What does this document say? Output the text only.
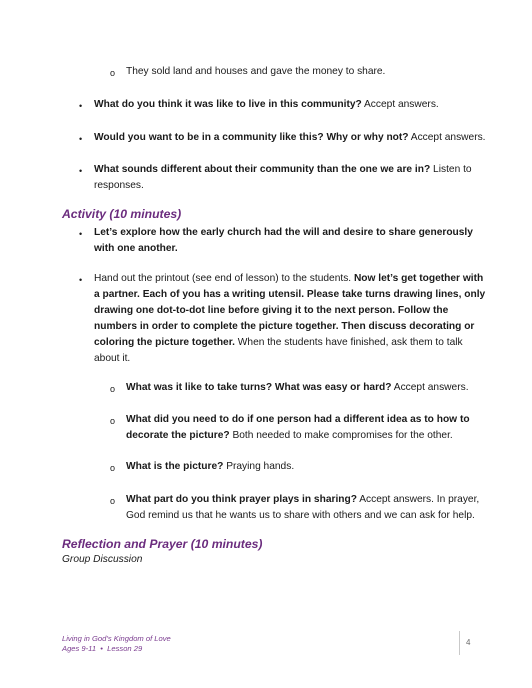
o They sold land and houses and gave the money to share.
• What do you think it was like to live in this community? Accept answers.
• Would you want to be in a community like this? Why or why not? Accept answers.
• What sounds different about their community than the one we are in? Listen to responses.
Activity (10 minutes)
• Let’s explore how the early church had the will and desire to share generously with one another.
• Hand out the printout (see end of lesson) to the students. Now let’s get together with a partner. Each of you has a writing utensil. Please take turns drawing lines, only drawing one dot-to-dot line before giving it to the next person. Follow the numbers in order to complete the picture together. Then discuss decorating or coloring the picture together. When the students have finished, ask them to talk about it.
o What was it like to take turns? What was easy or hard? Accept answers.
o What did you need to do if one person had a different idea as to how to decorate the picture? Both needed to make compromises for the other.
o What is the picture? Praying hands.
o What part do you think prayer plays in sharing? Accept answers. In prayer, God remind us that he wants us to share with others and we can ask for help.
Reflection and Prayer (10 minutes)
Group Discussion
Living in God’s Kingdom of Love
Ages 9-11  •  Lesson 29
4
